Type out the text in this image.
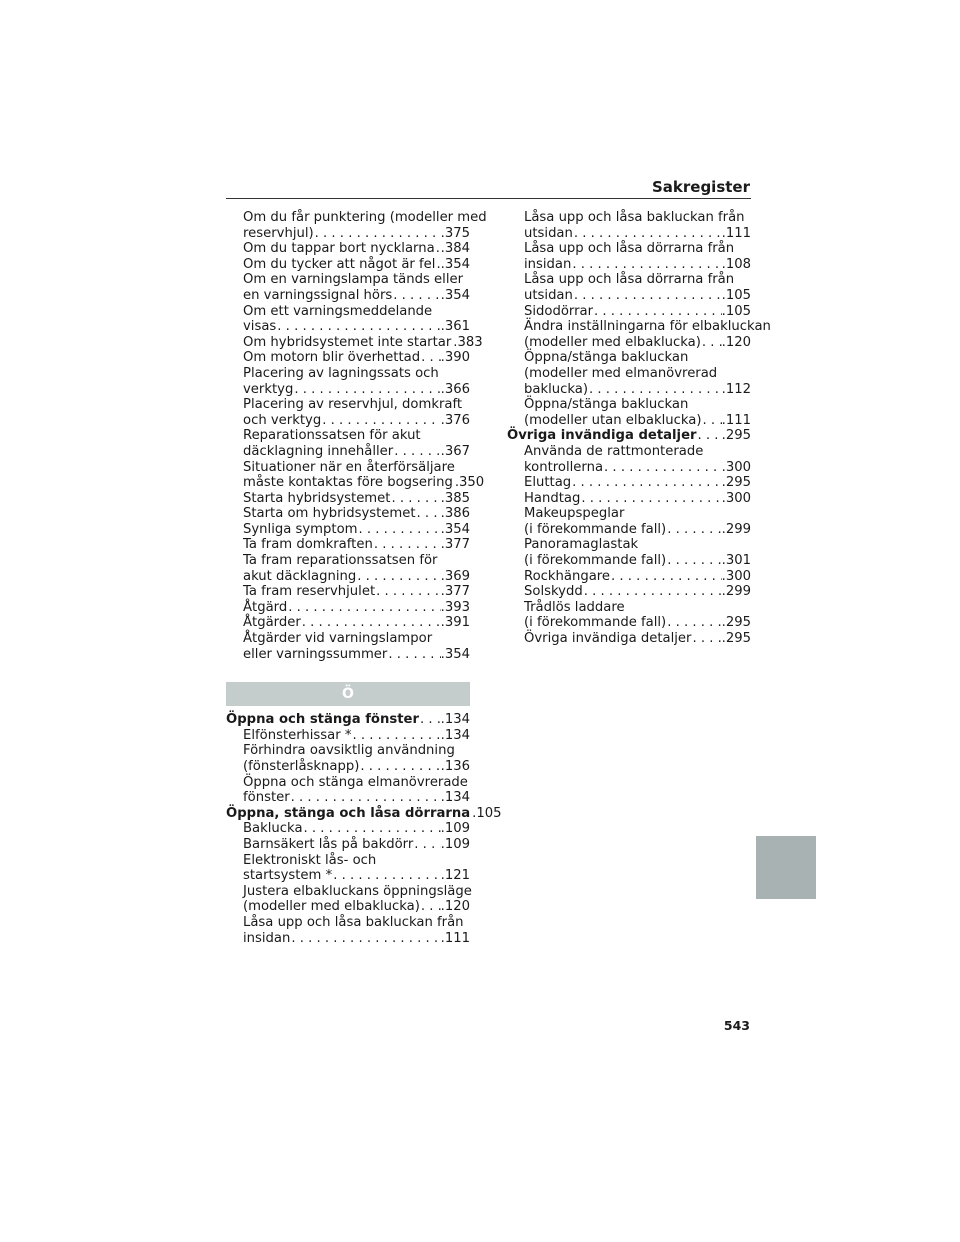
Sakregister
Om du får punktering (modeller med
reservhjul) . . .	.375
Om du tappar bort nycklarna . . . .384
Om du tycker att något är fel . . . .354
Om en varningslampa tänds eller
en varningssignal hörs . . .	.354
Om ett varningsmeddelande
visas . . .	.361
Om hybridsystemet inte startar . . . .383
Om motorn blir överhettad . . . .390
Placering av lagningssats och
verktyg . . .	.366
Placering av reservhjul, domkraft
och verktyg . . .	.376
Reparationssatsen för akut
däcklagning innehåller . . .	.367
Situationer när en återförsäljare
måste kontaktas före bogsering . . . .350
Starta hybridsystemet . . .	.385
Starta om hybridsystemet . . . .386
Synliga symptom . . .	.354
Ta fram domkraften . . .	.377
Ta fram reparationssatsen för
akut däcklagning . . .	.369
Ta fram reservhjulet . . .	.377
Åtgärd . . .	.393
Åtgärder . . .	.391
Åtgärder vid varningslampor
eller varningssummer . . .	.354
Ö
Öppna och stänga fönster . . . .134
Elfönsterhissar * . . .	.134
Förhindra oavsiktlig användning
(fönsterlåsknapp) . . .	.136
Öppna och stänga elmanövrerade
fönster . . .	.134
Öppna, stänga och låsa dörrarna . . . .105
Baklucka . . .	.109
Barnsäkert lås på bakdörr . . . .109
Elektroniskt lås- och
startsystem * . . .	.121
Justera elbakluckans öppningsläge
(modeller med elbaklucka) . . . .120
Låsa upp och låsa bakluckan från
insidan . . .	.111
Låsa upp och låsa bakluckan från
utsidan . . .	.111
Låsa upp och låsa dörrarna från
insidan . . .	.108
Låsa upp och låsa dörrarna från
utsidan . . .	.105
Sidodörrar . . .	.105
Ändra inställningarna för elbakluckan
(modeller med elbaklucka) . . . .120
Öppna/stänga bakluckan
(modeller med elmanövrerad
baklucka) . . .	.112
Öppna/stänga bakluckan
(modeller utan elbaklucka) . . . .111
Övriga invändiga detaljer . . . .295
Använda de rattmonterade
kontrollerna . . .	.300
Eluttag . . .	.295
Handtag . . .	.300
Makeupspeglar
(i förekommande fall) . . .	.299
Panoramaglastak
(i förekommande fall) . . .	.301
Rockhängare . . .	.300
Solskydd . . .	.299
Trådlös laddare
(i förekommande fall) . . .	.295
Övriga invändiga detaljer . . . .295
543
